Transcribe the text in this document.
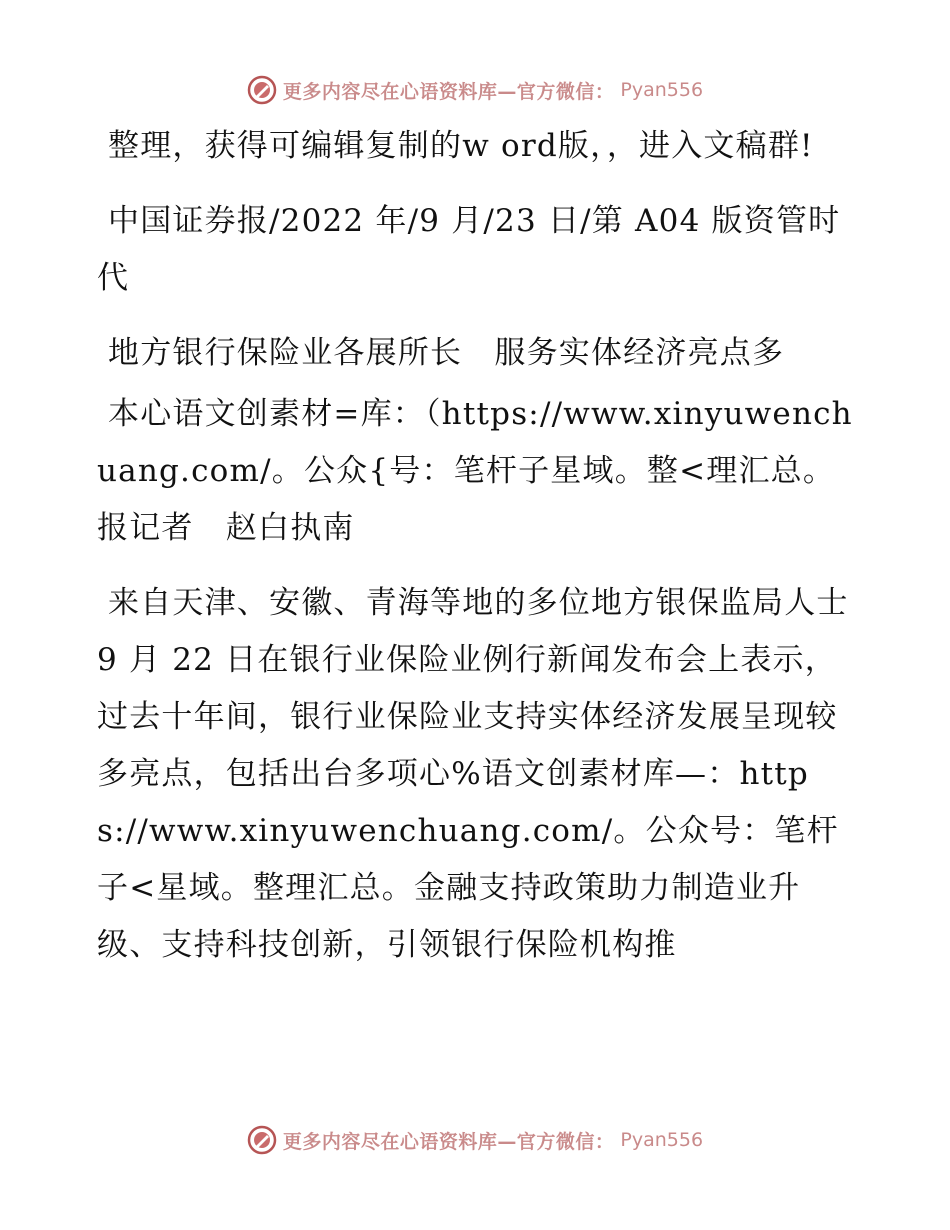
更多内容尽在心语资料库—官方微信： Pyan556

整理，获得可编辑复制的w ord版，，进入文稿群!

中国证券报/2022 年/9 月/23 日/第 A04 版资管时代

地方银行保险业各展所长　服务实体经济亮点多

本心语文创素材=库：（https://www.xinyuwenchuang.com/。公众{号：笔杆子星域。整<理汇总。报记者　赵白执南

来自天津、安徽、青海等地的多位地方银保监局人士 9 月 22 日在银行业保险业例行新闻发布会上表示，过去十年间，银行业保险业支持实体经济发展呈现较多亮点，包括出台多项心%语文创素材库—：https://www.xinyuwenchuang.com/。公众号：笔杆子<星域。整理汇总。金融支持政策助力制造业升级、支持科技创新，引领银行保险机构推

更多内容尽在心语资料库—官方微信： Pyan556
